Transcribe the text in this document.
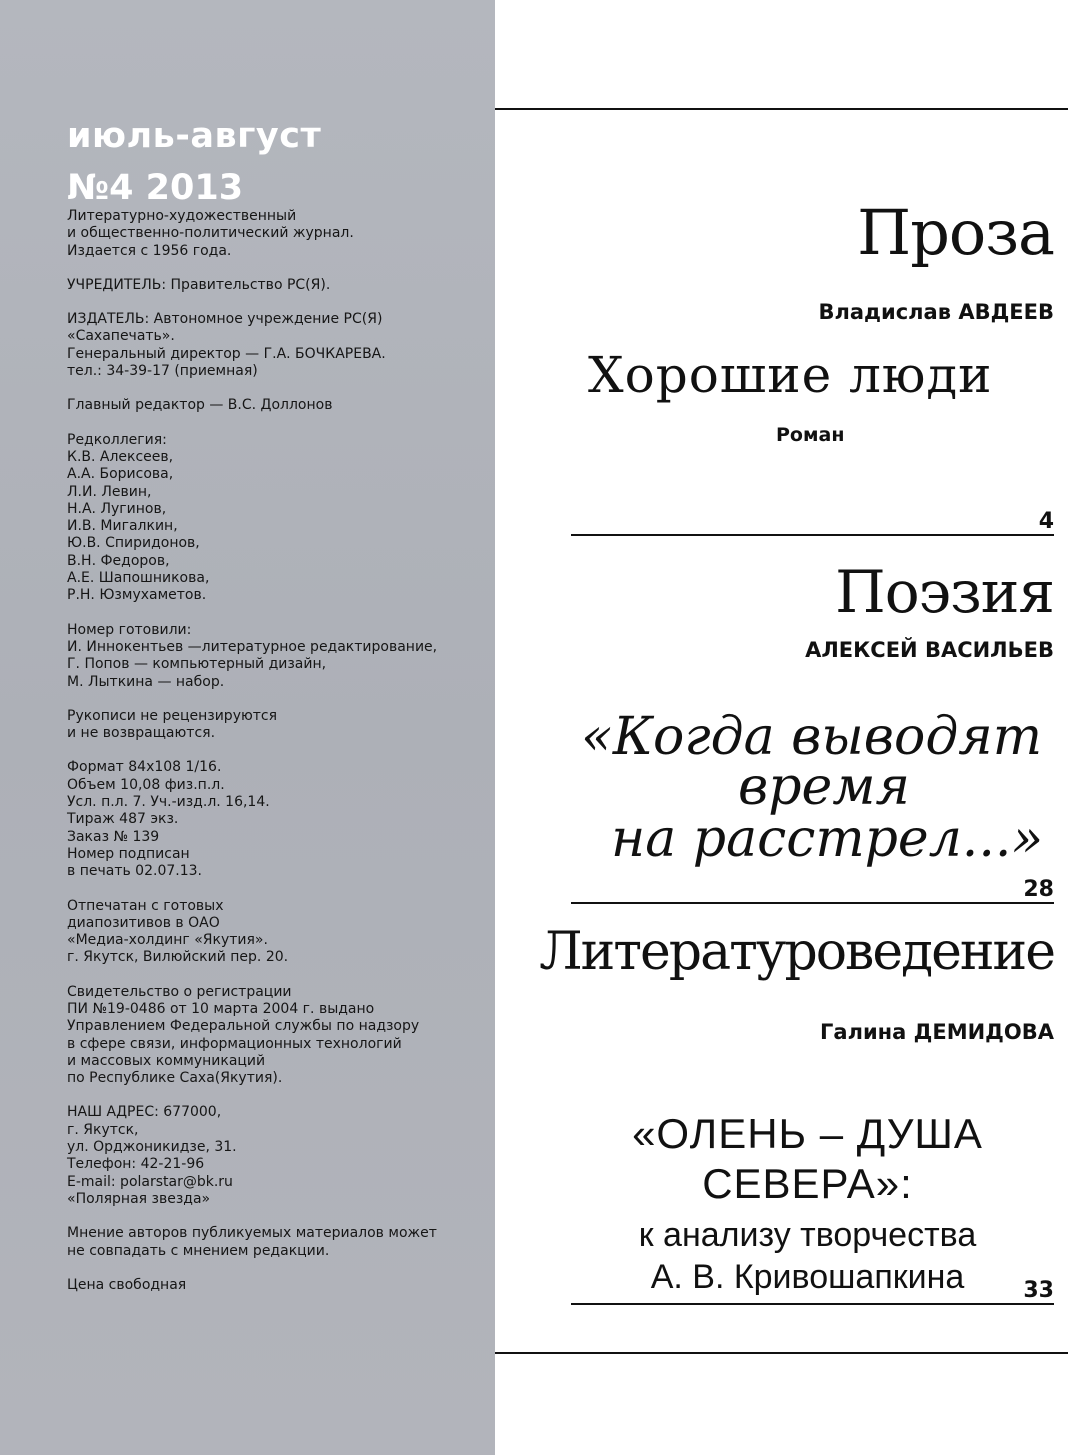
июль-август
№4 2013
Литературно-художественный
и общественно-политический журнал.
Издается с 1956 года.
УЧРЕДИТЕЛЬ: Правительство РС(Я).
ИЗДАТЕЛЬ: Автономное учреждение РС(Я)
«Сахапечать».
Генеральный директор — Г.А. БОЧКАРЕВА.
тел.: 34-39-17 (приемная)
Главный редактор — В.С. Доллонов
Редколлегия:
К.В. Алексеев,
А.А. Борисова,
Л.И. Левин,
Н.А. Лугинов,
И.В. Мигалкин,
Ю.В. Спиридонов,
В.Н. Федоров,
А.Е. Шапошникова,
Р.Н. Юзмухаметов.
Номер готовили:
И. Иннокентьев —литературное редактирование,
Г. Попов — компьютерный дизайн,
М. Лыткина — набор.
Рукописи не рецензируются
и не возвращаются.
Формат 84x108 1/16.
Объем 10,08 физ.п.л.
Усл. п.л. 7. Уч.-изд.л. 16,14.
Тираж 487 экз.
Заказ № 139
Номер подписан
в печать 02.07.13.
Отпечатан с готовых
диапозитивов в ОАО
«Медиа-холдинг «Якутия».
г. Якутск, Вилюйский пер. 20.
Свидетельство о регистрации
ПИ №19-0486 от 10 марта 2004 г. выдано
Управлением Федеральной службы по надзору
в сфере связи, информационных технологий
и массовых коммуникаций
по Республике Саха(Якутия).
НАШ АДРЕС: 677000,
г. Якутск,
ул. Орджоникидзе, 31.
Телефон: 42-21-96
E-mail: polarstar@bk.ru
«Полярная звезда»
Мнение авторов публикуемых материалов может
не совпадать с мнением редакции.
Цена свободная
Проза
Владислав АВДЕЕВ
Хорошие люди
Роман
4
Поэзия
АЛЕКСЕЙ ВАСИЛЬЕВ
«Когда выводят
время
на расстрел...»
28
Литературоведение
Галина ДЕМИДОВА
«ОЛЕНЬ – ДУША
СЕВЕРА»:
к анализу творчества
А. В. Кривошапкина	33
